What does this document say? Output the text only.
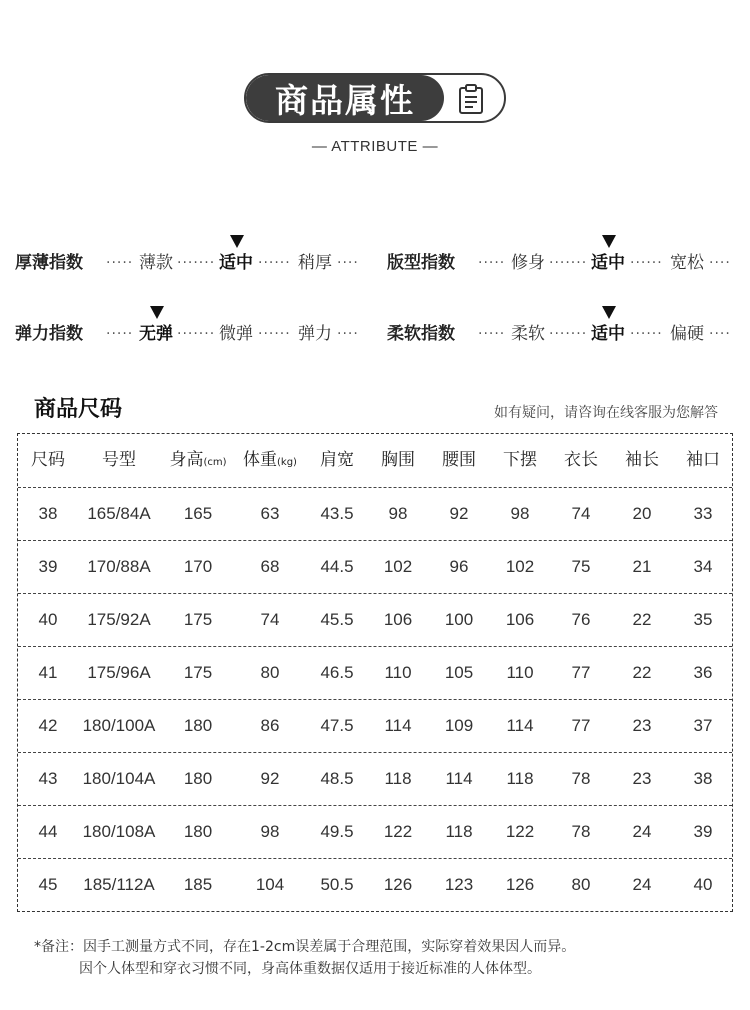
商品属性
— ATTRIBUTE —
厚薄指数 ····· 薄款 ······· 适中 ······ 稍厚 ···· 版型指数 ····· 修身 ······· 适中 ······ 宽松 ····
弹力指数 ····· 无弹 ······· 微弹 ······ 弹力 ···· 柔软指数 ····· 柔软 ······· 适中 ······ 偏硬 ····
商品尺码	如有疑问，请咨询在线客服为您解答
尺码	号型	身高(cm) 体重(kg)	肩宽	胸围	腰围	下摆	衣长	袖长	袖口
38	165/84A	165	63	43.5	98	92	98	74	20	33
39	170/88A	170	68	44.5	102	96	102	75	21	34
40	175/92A	175	74	45.5	106	100	106	76	22	35
41	175/96A	175	80	46.5	110	105	110	77	22	36
42	180/100A	180	86	47.5	114	109	114	77	23	37
43	180/104A	180	92	48.5	118	114	118	78	23	38
44	180/108A	180	98	49.5	122	118	122	78	24	39
45	185/112A	185	104	50.5	126	123	126	80	24	40
*备注：因手工测量方式不同，存在1-2cm误差属于合理范围，实际穿着效果因人而异。
因个人体型和穿衣习惯不同，身高体重数据仅适用于接近标准的人体体型。
